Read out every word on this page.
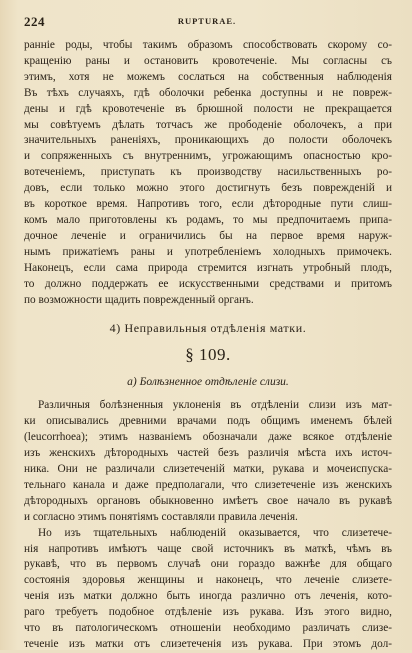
224	RUPTURAE.
ранніе роды, чтобы такимъ образомъ способствовать скорому со-
кращенію раны и остановить кровотеченіе. Мы согласны съ
этимъ, хотя не можемъ сослаться на собственныя наблюденія
Въ тѣхъ случаяхъ, гдѣ оболочки ребенка доступны и не повреж-
дены и гдѣ кровотеченіе въ брюшной полости не прекращается
мы совѣтуемъ дѣлать тотчасъ же прободеніе оболочекъ, а при
значительныхъ раненіяхъ, проникающихъ до полости оболочекъ
и сопряженныхъ съ внутреннимъ, угрожающимъ опасностью кро-
вотеченіемъ, приступать къ производству насильственныхъ ро-
довъ, если только можно этого достигнуть безъ поврежденій и
въ короткое время. Напротивъ того, если дѣтородные пути слиш-
комъ мало приготовлены къ родамъ, то мы предпочитаемъ припа-
дочное леченіе и ограничились бы на первое время наруж-
нымъ прижатіемъ раны и употребленіемъ холодныхъ примочекъ.
Наконецъ, если сама природа стремится изгнать утробный плодъ,
то должно поддержать ее искусственными средствами и притомъ
по возможности щадить поврежденный органъ.
4) Неправильныя отдѣленія матки.
§ 109.
а) Болѣзненное отдѣленіе слизи.
Различныя болѣзненныя уклоненія въ отдѣленіи слизи изъ мат-
ки описывались древними врачами подъ общимъ именемъ бѣлей
(leucorrhoea); этимъ названіемъ обозначали даже всякое отдѣленіе
изъ женскихъ дѣтородныхъ частей безъ различія мѣста ихъ источ-
ника. Они не различали слизетеченій матки, рукава и мочеиспуска-
тельнаго канала и даже предполагали, что слизетеченіе изъ женскихъ
дѣтородныхъ органовъ обыкновенно имѣетъ свое начало въ рукавѣ
и согласно этимъ понятіямъ составляли правила леченія.
Но изъ тщательныхъ наблюденій оказывается, что слизетече-
нія напротивъ имѣютъ чаще свой источникъ въ маткѣ, чѣмъ въ
рукавѣ, что въ первомъ случаѣ они гораздо важнѣе для общаго
состоянія здоровья женщины и наконецъ, что леченіе слизете-
ченія изъ матки должно быть иногда различно отъ леченія, кото-
раго требуетъ подобное отдѣленіе изъ рукава. Изъ этого видно,
что въ патологическомъ отношеніи необходимо различать слизе-
теченіе изъ матки отъ слизетеченія изъ рукава. При этомъ дол-
